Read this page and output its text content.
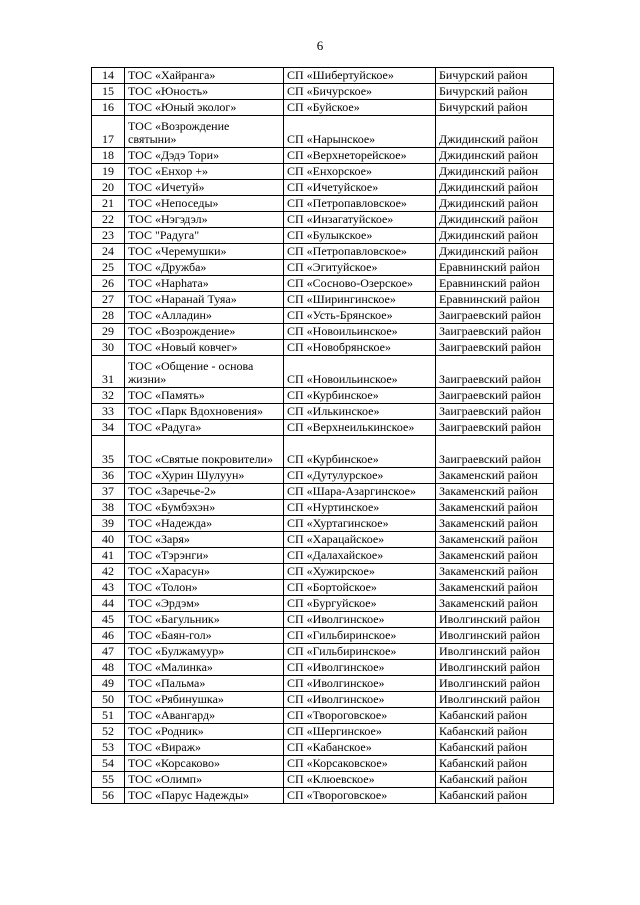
6
14	ТОС «Хайранга»	СП «Шибертуйское»	Бичурский район
15	ТОС «Юность»	СП «Бичурское»	Бичурский район
16	ТОС «Юный эколог»	СП «Буйское»	Бичурский район
17	ТОС «Возрождение святыни»	СП «Нарынское»	Джидинский район
18	ТОС «Дэдэ Тори»	СП «Верхнеторейское»	Джидинский район
19	ТОС «Енхор +»	СП «Енхорское»	Джидинский район
20	ТОС «Ичетуй»	СП «Ичетуйское»	Джидинский район
21	ТОС «Непоседы»	СП «Петропавловское»	Джидинский район
22	ТОС «Нэгэдэл»	СП «Инзагатуйское»	Джидинский район
23	ТОС "Радуга"	СП «Булыкское»	Джидинский район
24	ТОС «Черемушки»	СП «Петропавловское»	Джидинский район
25	ТОС «Дружба»	СП «Эгитуйское»	Еравнинский район
26	ТОС «Нарhата»	СП «Сосново-Озерское»	Еравнинский район
27	ТОС «Наранай Туяа»	СП «Ширингинское»	Еравнинский район
28	ТОС «Алладин»	СП «Усть-Брянское»	Заиграевский район
29	ТОС «Возрождение»	СП «Новоильинское»	Заиграевский район
30	ТОС «Новый ковчег»	СП «Новобрянское»	Заиграевский район
31	ТОС «Общение - основа жизни»	СП «Новоильинское»	Заиграевский район
32	ТОС «Память»	СП «Курбинское»	Заиграевский район
33	ТОС «Парк Вдохновения»	СП «Илькинское»	Заиграевский район
34	ТОС «Радуга»	СП «Верхнеилькинское»	Заиграевский район
35	ТОС «Святые покровители»	СП «Курбинское»	Заиграевский район
36	ТОС «Хурин Шулуун»	СП «Дутулурское»	Закаменский район
37	ТОС «Заречье-2»	СП «Шара-Азаргинское»	Закаменский район
38	ТОС «Бумбэхэн»	СП «Нуртинское»	Закаменский район
39	ТОС «Надежда»	СП «Хуртагинское»	Закаменский район
40	ТОС «Заря»	СП «Харацайское»	Закаменский район
41	ТОС «Тэрэнги»	СП «Далахайское»	Закаменский район
42	ТОС «Харасун»	СП «Хужирское»	Закаменский район
43	ТОС «Толон»	СП «Бортойское»	Закаменский район
44	ТОС «Эрдэм»	СП «Бургуйское»	Закаменский район
45	ТОС «Багульник»	СП «Иволгинское»	Иволгинский район
46	ТОС «Баян-гол»	СП «Гильбиринское»	Иволгинский район
47	ТОС «Булжамуур»	СП «Гильбиринское»	Иволгинский район
48	ТОС «Малинка»	СП «Иволгинское»	Иволгинский район
49	ТОС «Пальма»	СП «Иволгинское»	Иволгинский район
50	ТОС «Рябинушка»	СП «Иволгинское»	Иволгинский район
51	ТОС «Авангард»	СП «Твороговское»	Кабанский район
52	ТОС «Родник»	СП «Шергинское»	Кабанский район
53	ТОС «Вираж»	СП «Кабанское»	Кабанский район
54	ТОС «Корсаково»	СП «Корсаковское»	Кабанский район
55	ТОС «Олимп»	СП «Клюевское»	Кабанский район
56	ТОС «Парус Надежды»	СП «Твороговское»	Кабанский район
